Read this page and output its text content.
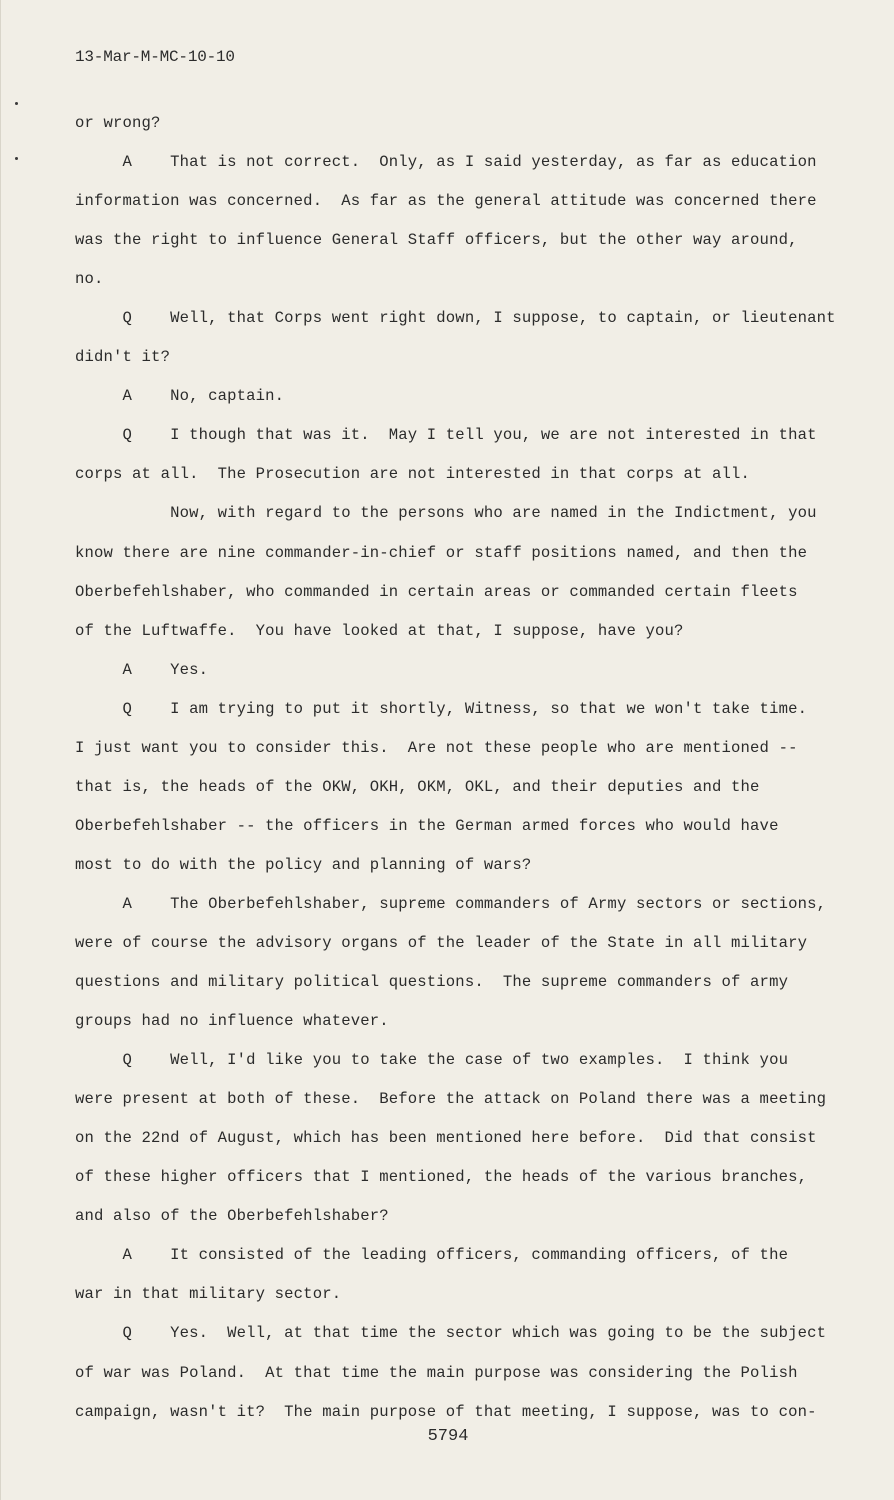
13-Mar-M-MC-10-10
or wrong?
A    That is not correct.  Only, as I said yesterday, as far as education
information was concerned.  As far as the general attitude was concerned there
was the right to influence General Staff officers, but the other way around,
no.
Q    Well, that Corps went right down, I suppose, to captain, or lieutenant
didn't it?
A    No, captain.
Q    I though that was it.  May I tell you, we are not interested in that
corps at all.  The Prosecution are not interested in that corps at all.
Now, with regard to the persons who are named in the Indictment, you
know there are nine commander-in-chief or staff positions named, and then the
Oberbefehlshaber, who commanded in certain areas or commanded certain fleets
of the Luftwaffe.  You have looked at that, I suppose, have you?
A    Yes.
Q    I am trying to put it shortly, Witness, so that we won't take time.
I just want you to consider this.  Are not these people who are mentioned --
that is, the heads of the OKW, OKH, OKM, OKL, and their deputies and the
Oberbefehlshaber -- the officers in the German armed forces who would have
most to do with the policy and planning of wars?
A    The Oberbefehlshaber, supreme commanders of Army sectors or sections,
were of course the advisory organs of the leader of the State in all military
questions and military political questions.  The supreme commanders of army
groups had no influence whatever.
Q    Well, I'd like you to take the case of two examples.  I think you
were present at both of these.  Before the attack on Poland there was a meeting
on the 22nd of August, which has been mentioned here before.  Did that consist
of these higher officers that I mentioned, the heads of the various branches,
and also of the Oberbefehlshaber?
A    It consisted of the leading officers, commanding officers, of the
war in that military sector.
Q    Yes.  Well, at that time the sector which was going to be the subject
of war was Poland.  At that time the main purpose was considering the Polish
campaign, wasn't it?  The main purpose of that meeting, I suppose, was to con-
5794
